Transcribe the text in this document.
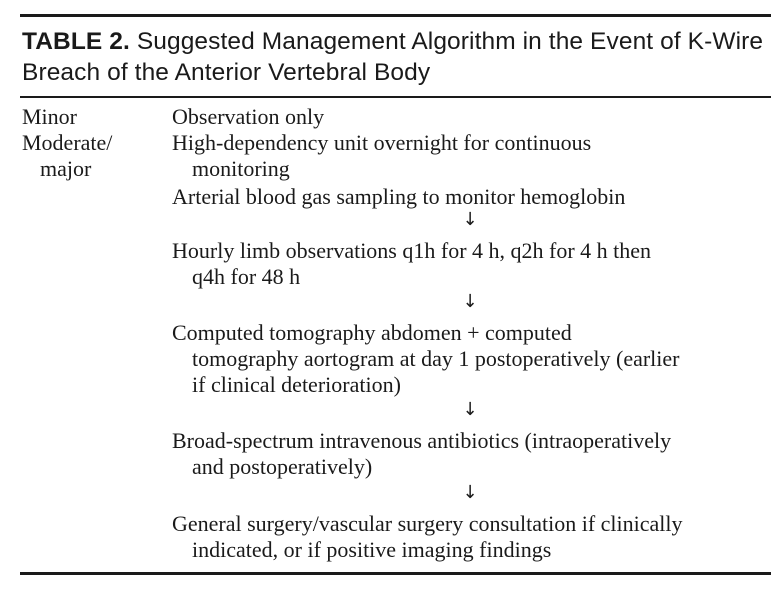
TABLE 2. Suggested Management Algorithm in the Event of K-Wire Breach of the Anterior Vertebral Body
Minor	Observation only
Moderate/
major
High-dependency unit overnight for continuous
monitoring
Arterial blood gas sampling to monitor hemoglobin
↓
Hourly limb observations q1h for 4 h, q2h for 4 h then
q4h for 48 h
↓
Computed tomography abdomen + computed
tomography aortogram at day 1 postoperatively (earlier
if clinical deterioration)
↓
Broad-spectrum intravenous antibiotics (intraoperatively
and postoperatively)
↓
General surgery/vascular surgery consultation if clinically
indicated, or if positive imaging findings
